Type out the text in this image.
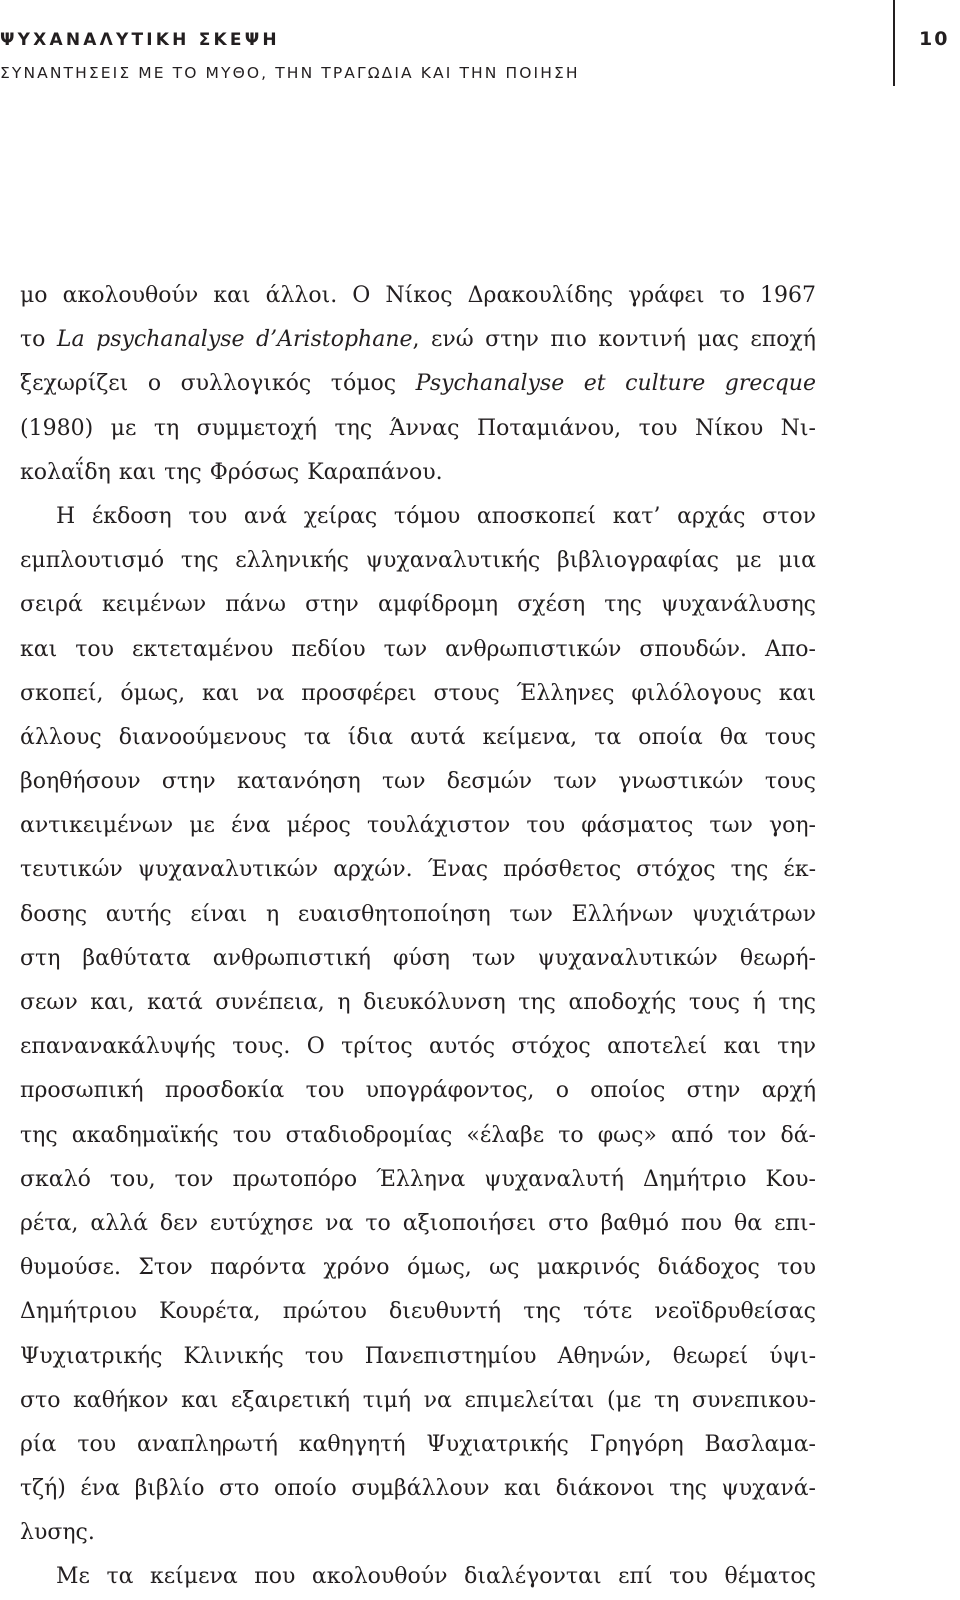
ΨΥΧΑΝΑΛΥΤΙΚΗ ΣΚΕΨΗ

ΣΥΝΑΝΤΗΣΕΙΣ ΜΕ ΤΟ ΜΥΘΟ, ΤΗΝ ΤΡΑΓΩΔΙΑ ΚΑΙ ΤΗΝ ΠΟΙΗΣΗ

10
μο ακολουθούν και άλλοι. Ο Νίκος Δρακουλίδης γράφει το 1967
το La psychanalyse d’Aristophane, ενώ στην πιο κοντινή μας εποχή
ξεχωρίζει ο συλλογικός τόμος Psychanalyse et culture grecque
(1980) με τη συμμετοχή της Άννας Ποταμιάνου, του Νίκου Νι-
κολαΐδη και της Φρόσως Καραπάνου.
Η έκδοση του ανά χείρας τόμου αποσκοπεί κατ’ αρχάς στον
εμπλουτισμό της ελληνικής ψυχαναλυτικής βιβλιογραφίας με μια
σειρά κειμένων πάνω στην αμφίδρομη σχέση της ψυχανάλυσης
και του εκτεταμένου πεδίου των ανθρωπιστικών σπουδών. Απο-
σκοπεί, όμως, και να προσφέρει στους Έλληνες φιλόλογους και
άλλους διανοούμενους τα ίδια αυτά κείμενα, τα οποία θα τους
βοηθήσουν στην κατανόηση των δεσμών των γνωστικών τους
αντικειμένων με ένα μέρος τουλάχιστον του φάσματος των γοη-
τευτικών ψυχαναλυτικών αρχών. Ένας πρόσθετος στόχος της έκ-
δοσης αυτής είναι η ευαισθητοποίηση των Ελλήνων ψυχιάτρων
στη βαθύτατα ανθρωπιστική φύση των ψυχαναλυτικών θεωρή-
σεων και, κατά συνέπεια, η διευκόλυνση της αποδοχής τους ή της
επανανακάλυψής τους. Ο τρίτος αυτός στόχος αποτελεί και την
προσωπική προσδοκία του υπογράφοντος, ο οποίος στην αρχή
της ακαδημαϊκής του σταδιοδρομίας «έλαβε το φως» από τον δά-
σκαλό του, τον πρωτοπόρο Έλληνα ψυχαναλυτή Δημήτριο Κου-
ρέτα, αλλά δεν ευτύχησε να το αξιοποιήσει στο βαθμό που θα επι-
θυμούσε. Στον παρόντα χρόνο όμως, ως μακρινός διάδοχος του
Δημήτριου Κουρέτα, πρώτου διευθυντή της τότε νεοϊδρυθείσας
Ψυχιατρικής Κλινικής του Πανεπιστημίου Αθηνών, θεωρεί ύψι-
στο καθήκον και εξαιρετική τιμή να επιμελείται (με τη συνεπικου-
ρία του αναπληρωτή καθηγητή Ψυχιατρικής Γρηγόρη Βασλαμα-
τζή) ένα βιβλίο στο οποίο συμβάλλουν και διάκονοι της ψυχανά-
λυσης.
Με τα κείμενα που ακολουθούν διαλέγονται επί του θέματος
